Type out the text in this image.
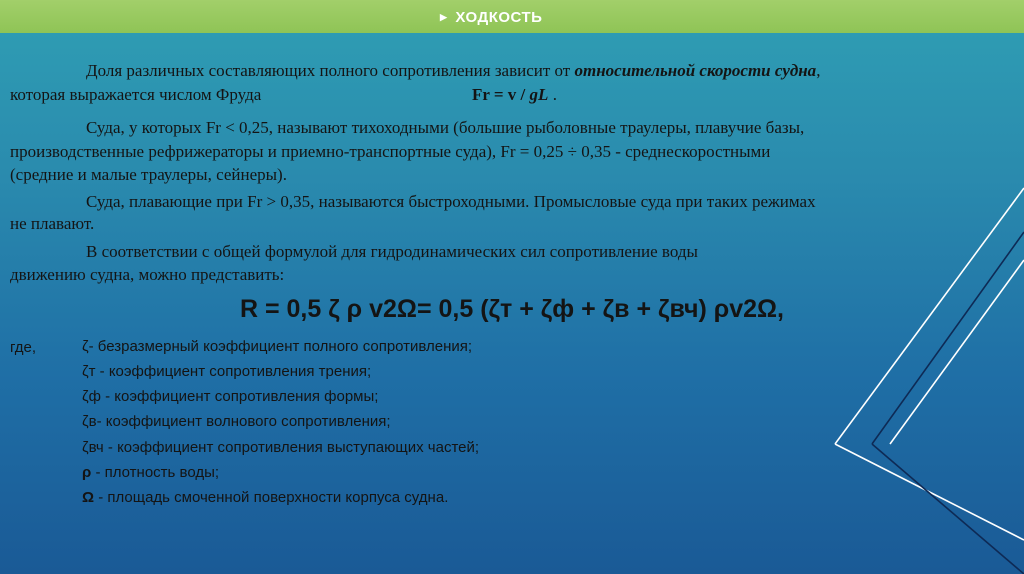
▶ ХОДКОСТЬ
Доля различных составляющих полного сопротивления зависит от относительной скорости судна,
которая выражается числом Фруда	Fr = v / gL .
Суда, у которых Fr < 0,25, называют тихоходными (большие рыболовные траулеры, плавучие базы,
производственные рефрижераторы и приемно-транспортные суда), Fr = 0,25 ÷ 0,35 - среднескоростными
(средние и малые траулеры, сейнеры).
Суда, плавающие при Fr > 0,35, называются быстроходными. Промысловые суда при таких режимах
не плавают.
В соответствии с общей формулой для гидродинамических сил сопротивление воды
движению судна, можно представить:
R = 0,5 ζ ρ v2Ω= 0,5 (ζт + ζф + ζв + ζвч) ρv2Ω,
где,	ζ- безразмерный коэффициент полного сопротивления;
ζт - коэффициент сопротивления трения;
ζф - коэффициент сопротивления формы;
ζв- коэффициент волнового сопротивления;
ζвч - коэффициент сопротивления выступающих частей;
ρ - плотность воды;
Ω - площадь смоченной поверхности корпуса судна.
